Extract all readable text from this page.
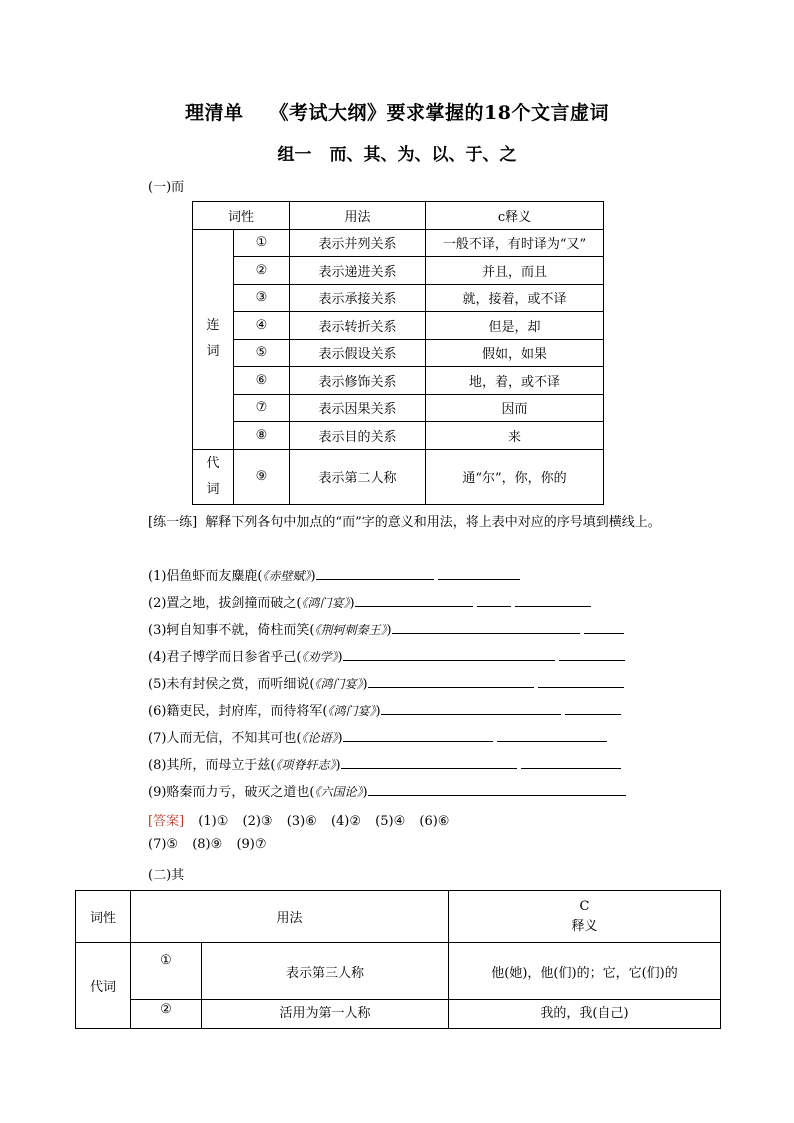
理清单 《考试大纲》要求掌握的18个文言虚词
组一 而、其、为、以、于、之
(一)而
词性		用法	c释义

连词	①	表示并列关系	一般不译，有时译为“又”
	②	表示递进关系	并且，而且
	③	表示承接关系	就，接着，或不译
	④	表示转折关系	但是，却
	⑤	表示假设关系	假如，如果
	⑥	表示修饰关系	地，着，或不译
	⑦	表示因果关系	因而
	⑧	表示目的关系	来

代词	⑨	表示第二人称	通“尔”，你，你的
[练一练] 解释下列各句中加点的“而”字的意义和用法，将上表中对应的序号填到横线上。
(1)侣鱼虾而友麋鹿(《赤壁赋》)
(2)置之地，拔剑撞而破之(《鸿门宴》)
(3)轲自知事不就，倚柱而笑(《荆轲刺秦王》)
(4)君子博学而日参省乎己(《劝学》)
(5)未有封侯之赏，而听细说(《鸿门宴》)
(6)籍吏民，封府库，而待将军(《鸿门宴》)
(7)人而无信，不知其可也(《论语》)
(8)其所，而母立于兹(《项脊轩志》)
(9)赂秦而力亏，破灭之道也(《六国论》)
[答案] (1)① (2)③ (3)⑥ (4)② (5)④ (6)⑥
(7)⑤ (8)⑨ (9)⑦
(二)其
词性	用法		C
释义

代词	①	表示第三人称	他(她)，他(们)的；它，它(们)的
	②	活用为第一人称	我的，我(自己)
